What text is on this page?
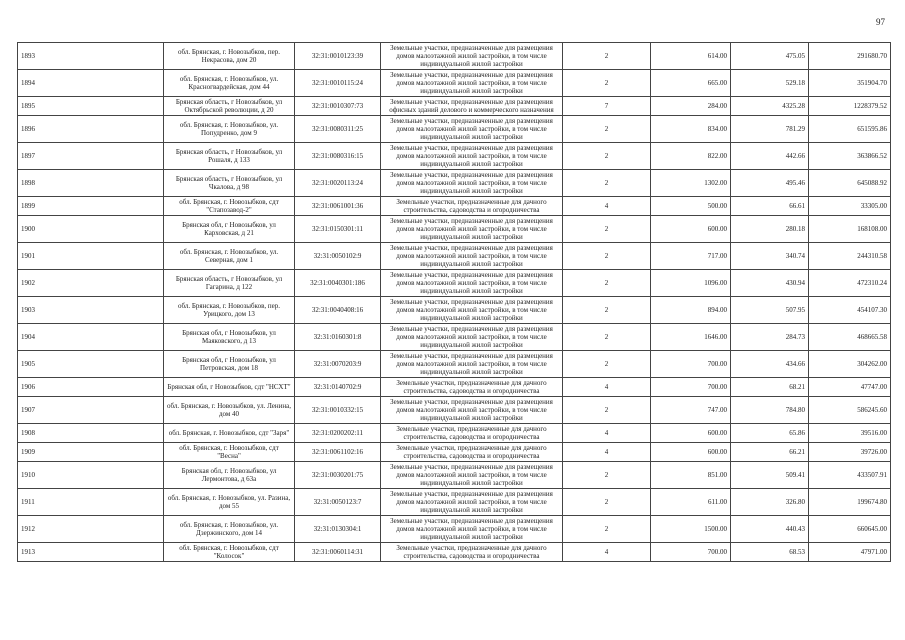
97
1893	обл. Брянская, г. Новозыбков, пер. Некрасова, дом 20	32:31:0010123:39	Земельные участки, предназначенные для размещения домов малоэтажной жилой застройки, в том числе индивидуальной жилой застройки	2	614.00	475.05	291680.70
1894	обл. Брянская, г. Новозыбков, ул. Красногвардейская, дом 44	32:31:0010115:24	Земельные участки, предназначенные для размещения домов малоэтажной жилой застройки, в том числе индивидуальной жилой застройки	2	665.00	529.18	351904.70
1895	Брянская область, г Новозыбков, ул Октябрьской революции, д 20	32:31:0010307:73	Земельные участки, предназначенные для размещения офисных зданий делового и коммерческого назначения	7	284.00	4325.28	1228379.52
1896	обл. Брянская, г. Новозыбков, ул. Попудренко, дом 9	32:31:0080311:25	Земельные участки, предназначенные для размещения домов малоэтажной жилой застройки, в том числе индивидуальной жилой застройки	2	834.00	781.29	651595.86
1897	Брянская область, г Новозыбков, ул Рошаля, д 133	32:31:0080316:15	Земельные участки, предназначенные для размещения домов малоэтажной жилой застройки, в том числе индивидуальной жилой застройки	2	822.00	442.66	363866.52
1898	Брянская область, г Новозыбков, ул Чкалова, д 98	32:31:0020113:24	Земельные участки, предназначенные для размещения домов малоэтажной жилой застройки, в том числе индивидуальной жилой застройки	2	1302.00	495.46	645088.92
1899	обл. Брянская, г. Новозыбков, сдт "Стапозавод-2"	32:31:0061001:36	Земельные участки, предназначенные для дачного строительства, садоводства и огородничества	4	500.00	66.61	33305.00
1900	Брянская обл, г Новозыбков, ул Карховская, д 21	32:31:0150301:11	Земельные участки, предназначенные для размещения домов малоэтажной жилой застройки, в том числе индивидуальной жилой застройки	2	600.00	280.18	168108.00
1901	обл. Брянская, г. Новозыбков, ул. Северная, дом 1	32:31:0050102:9	Земельные участки, предназначенные для размещения домов малоэтажной жилой застройки, в том числе индивидуальной жилой застройки	2	717.00	340.74	244310.58
1902	Брянская область, г Новозыбков, ул Гагарина, д 122	32:31:0040301:186	Земельные участки, предназначенные для размещения домов малоэтажной жилой застройки, в том числе индивидуальной жилой застройки	2	1096.00	430.94	472310.24
1903	обл. Брянская, г. Новозыбков, пер. Урицкого, дом 13	32:31:0040408:16	Земельные участки, предназначенные для размещения домов малоэтажной жилой застройки, в том числе индивидуальной жилой застройки	2	894.00	507.95	454107.30
1904	Брянская обл, г Новозыбков, ул Маяковского, д 13	32:31:0160301:8	Земельные участки, предназначенные для размещения домов малоэтажной жилой застройки, в том числе индивидуальной жилой застройки	2	1646.00	284.73	468665.58
1905	Брянская обл, г Новозыбков, ул Петровская, дом 18	32:31:0070203:9	Земельные участки, предназначенные для размещения домов малоэтажной жилой застройки, в том числе индивидуальной жилой застройки	2	700.00	434.66	304262.00
1906	Брянская обл, г Новозыбков, сдт "НСХТ"	32:31:0140702:9	Земельные участки, предназначенные для дачного строительства, садоводства и огородничества	4	700.00	68.21	47747.00
1907	обл. Брянская, г. Новозыбков, ул. Ленина, дом 40	32:31:0010332:15	Земельные участки, предназначенные для размещения домов малоэтажной жилой застройки, в том числе индивидуальной жилой застройки	2	747.00	784.80	586245.60
1908	обл. Брянская, г. Новозыбков, сдт "Заря"	32:31:0200202:11	Земельные участки, предназначенные для дачного строительства, садоводства и огородничества	4	600.00	65.86	39516.00
1909	обл. Брянская, г. Новозыбков, сдт "Весна"	32:31:0061102:16	Земельные участки, предназначенные для дачного строительства, садоводства и огородничества	4	600.00	66.21	39726.00
1910	Брянская обл, г. Новозыбков, ул Лермонтова, д 63а	32:31:0030201:75	Земельные участки, предназначенные для размещения домов малоэтажной жилой застройки, в том числе индивидуальной жилой застройки	2	851.00	509.41	433507.91
1911	обл. Брянская, г. Новозыбков, ул. Разина, дом 55	32:31:0050123:7	Земельные участки, предназначенные для размещения домов малоэтажной жилой застройки, в том числе индивидуальной жилой застройки	2	611.00	326.80	199674.80
1912	обл. Брянская, г. Новозыбков, ул. Дзержинского, дом 14	32:31:0130304:1	Земельные участки, предназначенные для размещения домов малоэтажной жилой застройки, в том числе индивидуальной жилой застройки	2	1500.00	440.43	660645.00
1913	обл. Брянская, г. Новозыбков, сдт "Колосок"	32:31:0060114:31	Земельные участки, предназначенные для дачного строительства, садоводства и огородничества	4	700.00	68.53	47971.00
